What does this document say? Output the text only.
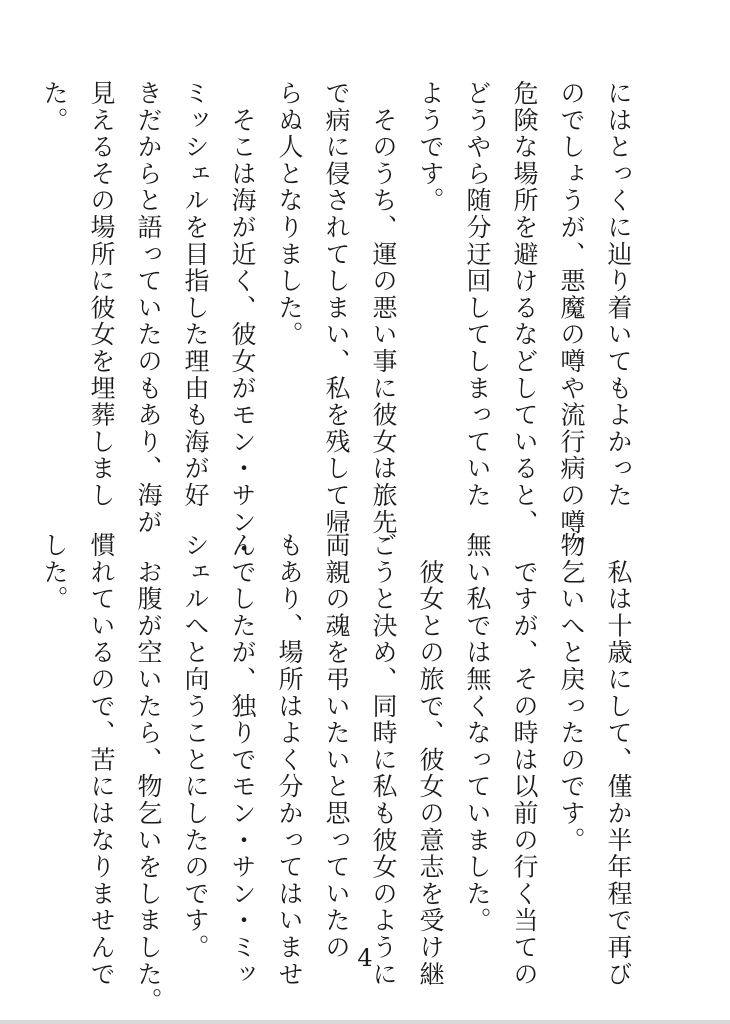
にはとっくに辿り着いてもよかった
のでしょうが、悪魔の噂や流行病の噂、
危険な場所を避けるなどしていると、
どうやら随分迂回してしまっていた
ようです。
　そのうち、運の悪い事に彼女は旅先
で病に侵されてしまい、私を残して帰
らぬ人となりました。
　そこは海が近く、彼女がモン・サン・
ミッシェルを目指した理由も海が好
きだからと語っていたのもあり、海が
見えるその場所に彼女を埋葬しまし
た。
　私は十歳にして、僅か半年程で再び
物乞いへと戻ったのです。
　ですが、その時は以前の行く当ての
無い私では無くなっていました。
　彼女との旅で、彼女の意志を受け継
ごうと決め、同時に私も彼女のように
両親の魂を弔いたいと思っていたの
もあり、場所はよく分かってはいませ
んでしたが、独りでモン・サン・ミッ
シェルへと向うことにしたのです。
　お腹が空いたら、物乞いをしました。
慣れているので、苦にはなりませんで
した。
4
